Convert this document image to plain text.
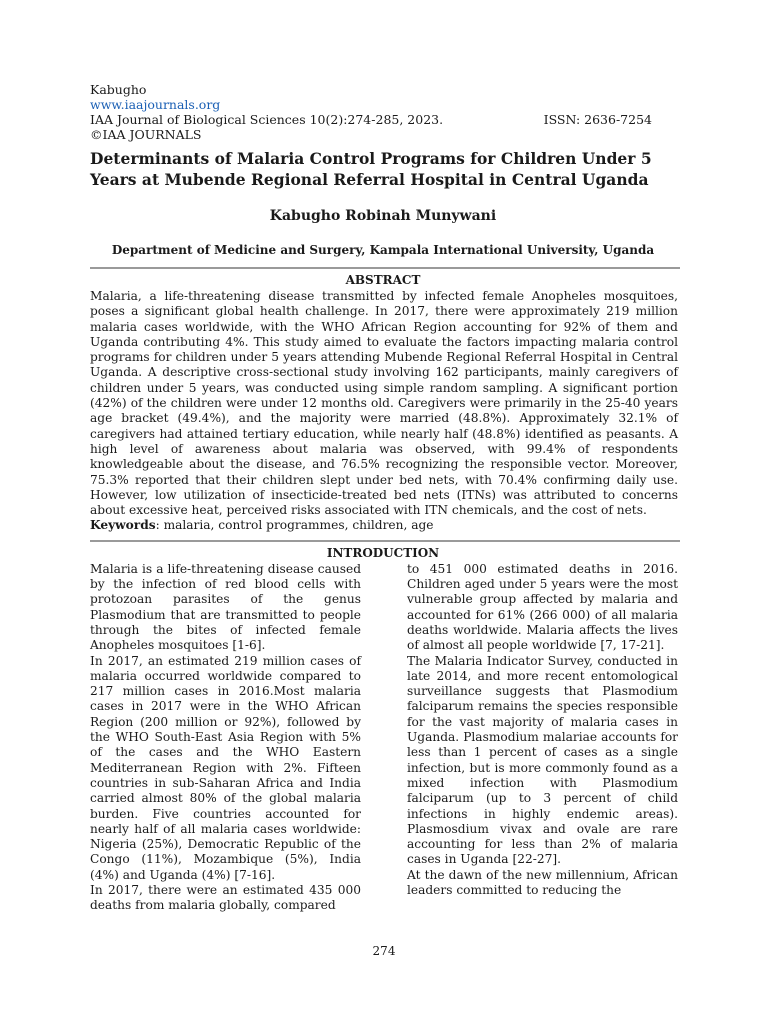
Kabugho
www.iaajournals.org
IAA Journal of Biological Sciences 10(2):274-285, 2023.	ISSN: 2636-7254
©IAA JOURNALS
Determinants of Malaria Control Programs for Children Under 5 Years at Mubende Regional Referral Hospital in Central Uganda
Kabugho Robinah Munywani
Department of Medicine and Surgery, Kampala International University, Uganda
ABSTRACT
Malaria, a life-threatening disease transmitted by infected female Anopheles mosquitoes, poses a significant global health challenge. In 2017, there were approximately 219 million malaria cases worldwide, with the WHO African Region accounting for 92% of them and Uganda contributing 4%. This study aimed to evaluate the factors impacting malaria control programs for children under 5 years attending Mubende Regional Referral Hospital in Central Uganda. A descriptive cross-sectional study involving 162 participants, mainly caregivers of children under 5 years, was conducted using simple random sampling. A significant portion (42%) of the children were under 12 months old. Caregivers were primarily in the 25-40 years age bracket (49.4%), and the majority were married (48.8%). Approximately 32.1% of caregivers had attained tertiary education, while nearly half (48.8%) identified as peasants. A high level of awareness about malaria was observed, with 99.4% of respondents knowledgeable about the disease, and 76.5% recognizing the responsible vector. Moreover, 75.3% reported that their children slept under bed nets, with 70.4% confirming daily use. However, low utilization of insecticide-treated bed nets (ITNs) was attributed to concerns about excessive heat, perceived risks associated with ITN chemicals, and the cost of nets.
Keywords: malaria, control programmes, children, age
INTRODUCTION

Malaria is a life-threatening disease caused by the infection of red blood cells with protozoan parasites of the genus Plasmodium that are transmitted to people through the bites of infected female Anopheles mosquitoes [1-6].

In 2017, an estimated 219 million cases of malaria occurred worldwide compared to 217 million cases in 2016.Most malaria cases in 2017 were in the WHO African Region (200 million or 92%), followed by the WHO South-East Asia Region with 5% of the cases and the WHO Eastern Mediterranean Region with 2%. Fifteen countries in sub-Saharan Africa and India carried almost 80% of the global malaria burden. Five countries accounted for nearly half of all malaria cases worldwide: Nigeria (25%), Democratic Republic of the Congo (11%), Mozambique (5%), India (4%) and Uganda (4%) [7-16].

In 2017, there were an estimated 435 000 deaths from malaria globally, compared

to 451 000 estimated deaths in 2016. Children aged under 5 years were the most vulnerable group affected by malaria and accounted for 61% (266 000) of all malaria deaths worldwide. Malaria affects the lives of almost all people worldwide [7, 17-21].

The Malaria Indicator Survey, conducted in late 2014, and more recent entomological surveillance suggests that Plasmodium falciparum remains the species responsible for the vast majority of malaria cases in Uganda. Plasmodium malariae accounts for less than 1 percent of cases as a single infection, but is more commonly found as a mixed infection with Plasmodium falciparum (up to 3 percent of child infections in highly endemic areas). Plasmosdium vivax and ovale are rare accounting for less than 2% of malaria cases in Uganda [22-27].

At the dawn of the new millennium, African leaders committed to reducing the

274
